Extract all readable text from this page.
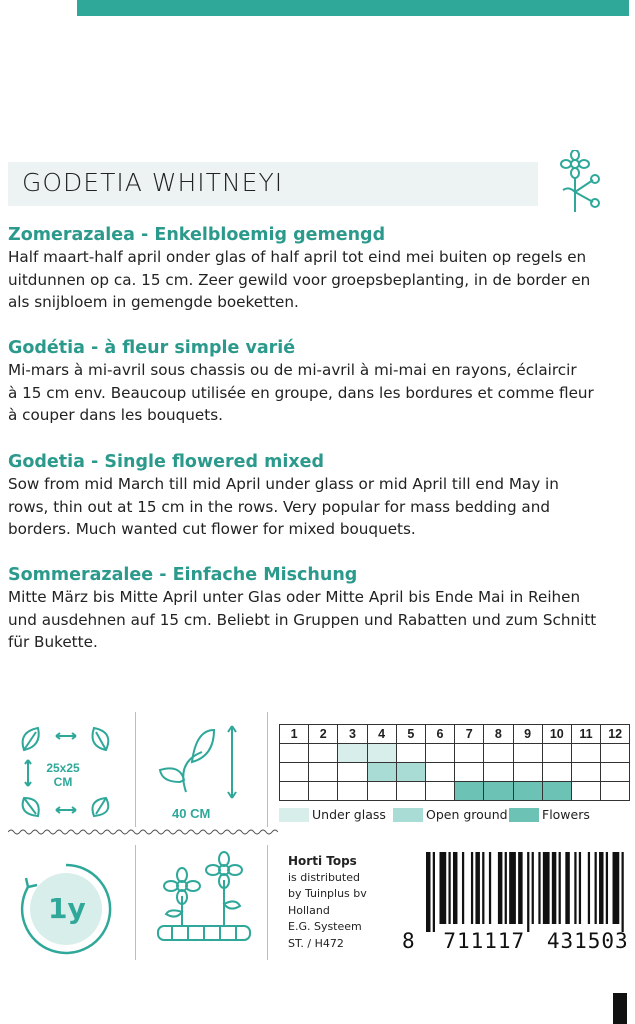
GODETIA WHITNEYI
Zomerazalea - Enkelbloemig gemengd
Half maart-half april onder glas of half april tot eind mei buiten op regels en
uitdunnen op ca. 15 cm. Zeer gewild voor groepsbeplanting, in de border en
als snijbloem in gemengde boeketten.
Godétia - à fleur simple varié
Mi-mars à mi-avril sous chassis ou de mi-avril à mi-mai en rayons, éclaircir
à 15 cm env. Beaucoup utilisée en groupe, dans les bordures et comme fleur
à couper dans les bouquets.
Godetia - Single flowered mixed
Sow from mid March till mid April under glass or mid April till end May in
rows, thin out at 15 cm in the rows. Very popular for mass bedding and
borders. Much wanted cut flower for mixed bouquets.
Sommerazalee - Einfache Mischung
Mitte März bis Mitte April unter Glas oder Mitte April bis Ende Mai in Reihen
und ausdehnen auf 15 cm. Beliebt in Gruppen und Rabatten und zum Schnitt
für Bukette.
25x25
CM
40 CM
1	2	3	4	5	6	7	8	9	10	11	12

Under glass	Open ground	Flowers
1y
Horti Tops
is distributed
by Tuinplus bv
Holland
E.G. Systeem
ST. / H472	8 711117 431503
